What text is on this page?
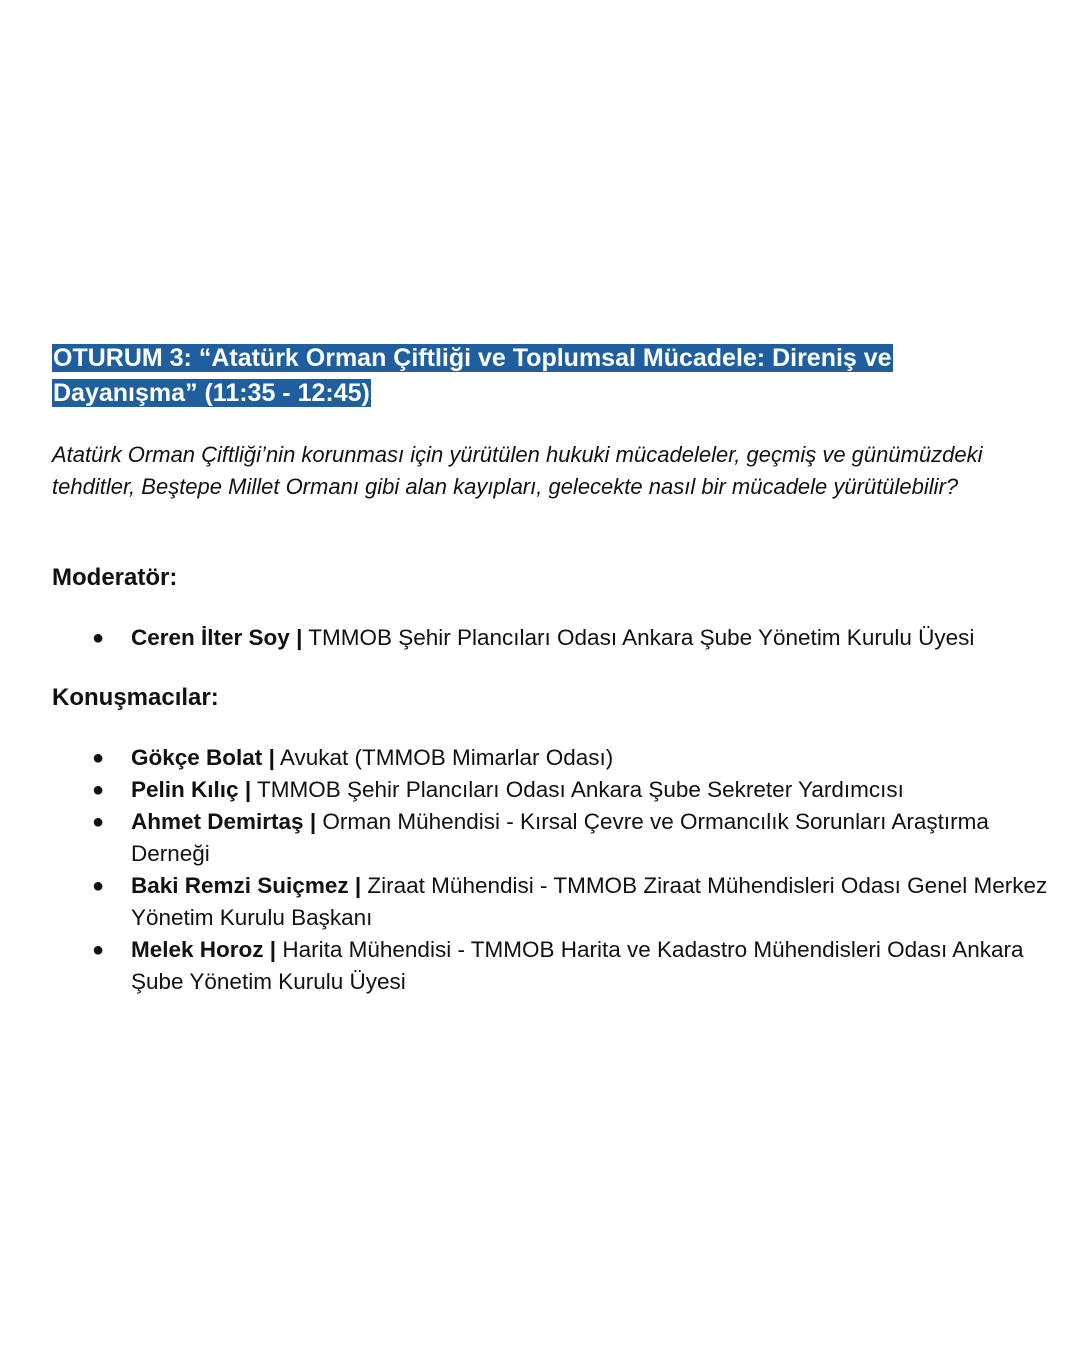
OTURUM 3: “Atatürk Orman Çiftliği ve Toplumsal Mücadele: Direniş ve Dayanışma” (11:35 - 12:45)

Atatürk Orman Çiftliği’nin korunması için yürütülen hukuki mücadeleler, geçmiş ve günümüzdeki tehditler, Beştepe Millet Ormanı gibi alan kayıpları, gelecekte nasıl bir mücadele yürütülebilir?

Moderatör:
● Ceren İlter Soy | TMMOB Şehir Plancıları Odası Ankara Şube Yönetim Kurulu Üyesi
Konuşmacılar:
● Gökçe Bolat | Avukat (TMMOB Mimarlar Odası)
● Pelin Kılıç | TMMOB Şehir Plancıları Odası Ankara Şube Sekreter Yardımcısı
● Ahmet Demirtaş | Orman Mühendisi - Kırsal Çevre ve Ormancılık Sorunları Araştırma Derneği
● Baki Remzi Suiçmez | Ziraat Mühendisi - TMMOB Ziraat Mühendisleri Odası Genel Merkez Yönetim Kurulu Başkanı
● Melek Horoz | Harita Mühendisi - TMMOB Harita ve Kadastro Mühendisleri Odası Ankara Şube Yönetim Kurulu Üyesi
